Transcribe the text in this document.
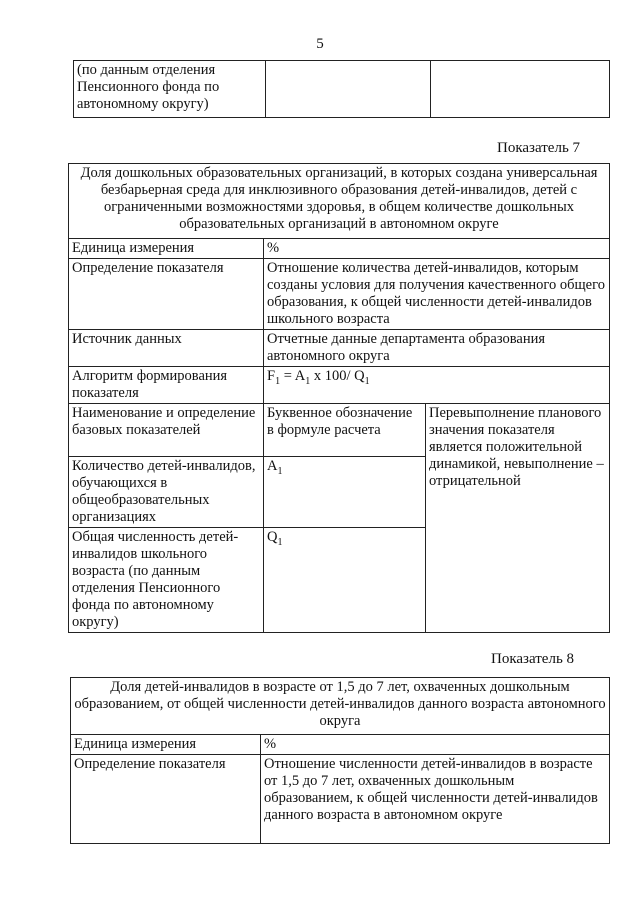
5
(по данным отделения Пенсионного фонда по автономному округу)		
Показатель 7
Доля дошкольных образовательных организаций, в которых создана универсальная безбарьерная среда для инклюзивного образования детей-инвалидов, детей с ограниченными возможностями здоровья, в общем количестве дошкольных образовательных организаций в автономном округе		
Единица измерения	%	
Определение показателя	Отношение количества детей-инвалидов, которым созданы условия для получения качественного общего образования, к общей численности детей-инвалидов школьного возраста	
Источник данных	Отчетные данные департамента образования автономного округа	
Алгоритм формирования показателя	$F_1 = A_1$ x 100/ $Q_1$
Наименование и определение базовых показателей	Буквенное обозначение в формуле расчета	Перевыполнение планового значения показателя является положительной динамикой, невыполнение – отрицательной
Количество детей-инвалидов, обучающихся в общеобразовательных организациях	$A_1$
Общая численность детей-инвалидов школьного возраста (по данным отделения Пенсионного фонда по автономному округу)	$Q_1$
Показатель 8
Доля детей-инвалидов в возрасте от 1,5 до 7 лет, охваченных дошкольным образованием, от общей численности детей-инвалидов данного возраста автономного округа	
Единица измерения	%
Определение показателя	Отношение численности детей-инвалидов в возрасте от 1,5 до 7 лет, охваченных дошкольным образованием, к общей численности детей-инвалидов данного возраста в автономном округе
